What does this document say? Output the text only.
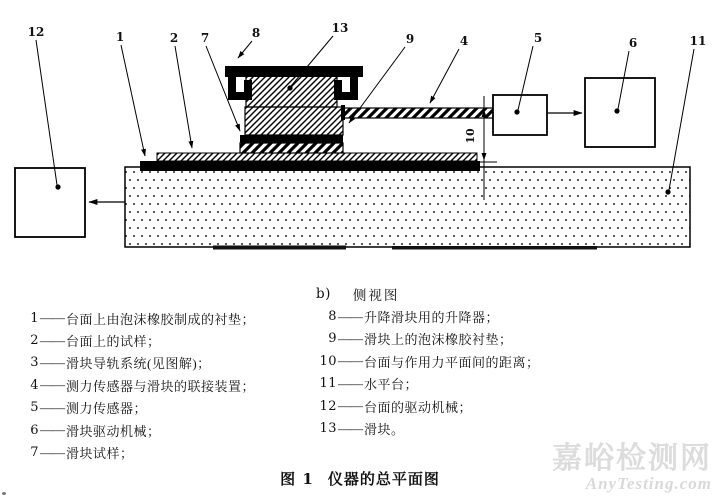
10
12	1	2 7	8	13
9	4	5	6	11
1 —— 台面上由泡沫橡胶制成的衬垫；
2 —— 台面上的试样；
3 —— 滑块导轨系统(见图解)；
4 —— 测力传感器与滑块的联接装置；
5 —— 测力传感器；
6 —— 滑块驱动机械；
7 —— 滑块试样；
b) 侧视图
8 —— 升降滑块用的升降器；
9 —— 滑块上的泡沫橡胶衬垫；
10 —— 台面与作用力平面间的距离；
11 —— 水平台；
12 —— 台面的驱动机械；
13 —— 滑块。
图 1 仪器的总平面图
嘉峪检测网
AnyTesting.com
